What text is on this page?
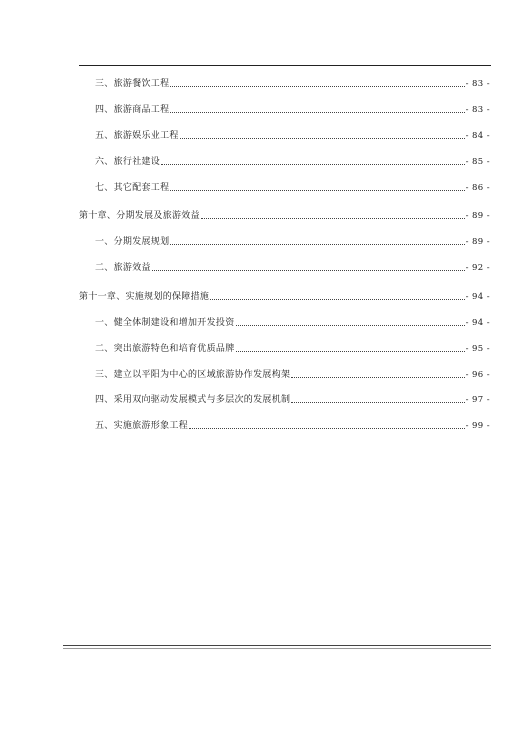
三、旅游餐饮工程	- 83 -
四、旅游商品工程	- 83 -
五、旅游娱乐业工程	- 84 -
六、旅行社建设	- 85 -
七、其它配套工程	- 86 -
第十章、分期发展及旅游效益	- 89 -
一、分期发展规划	- 89 -
二、旅游效益	- 92 -
第十一章、实施规划的保障措施	- 94 -
一、健全体制建设和增加开发投资	- 94 -
二、突出旅游特色和培育优质品牌	- 95 -
三、建立以平阳为中心的区域旅游协作发展构架	- 96 -
四、采用双向驱动发展模式与多层次的发展机制	- 97 -
五、实施旅游形象工程	- 99 -
